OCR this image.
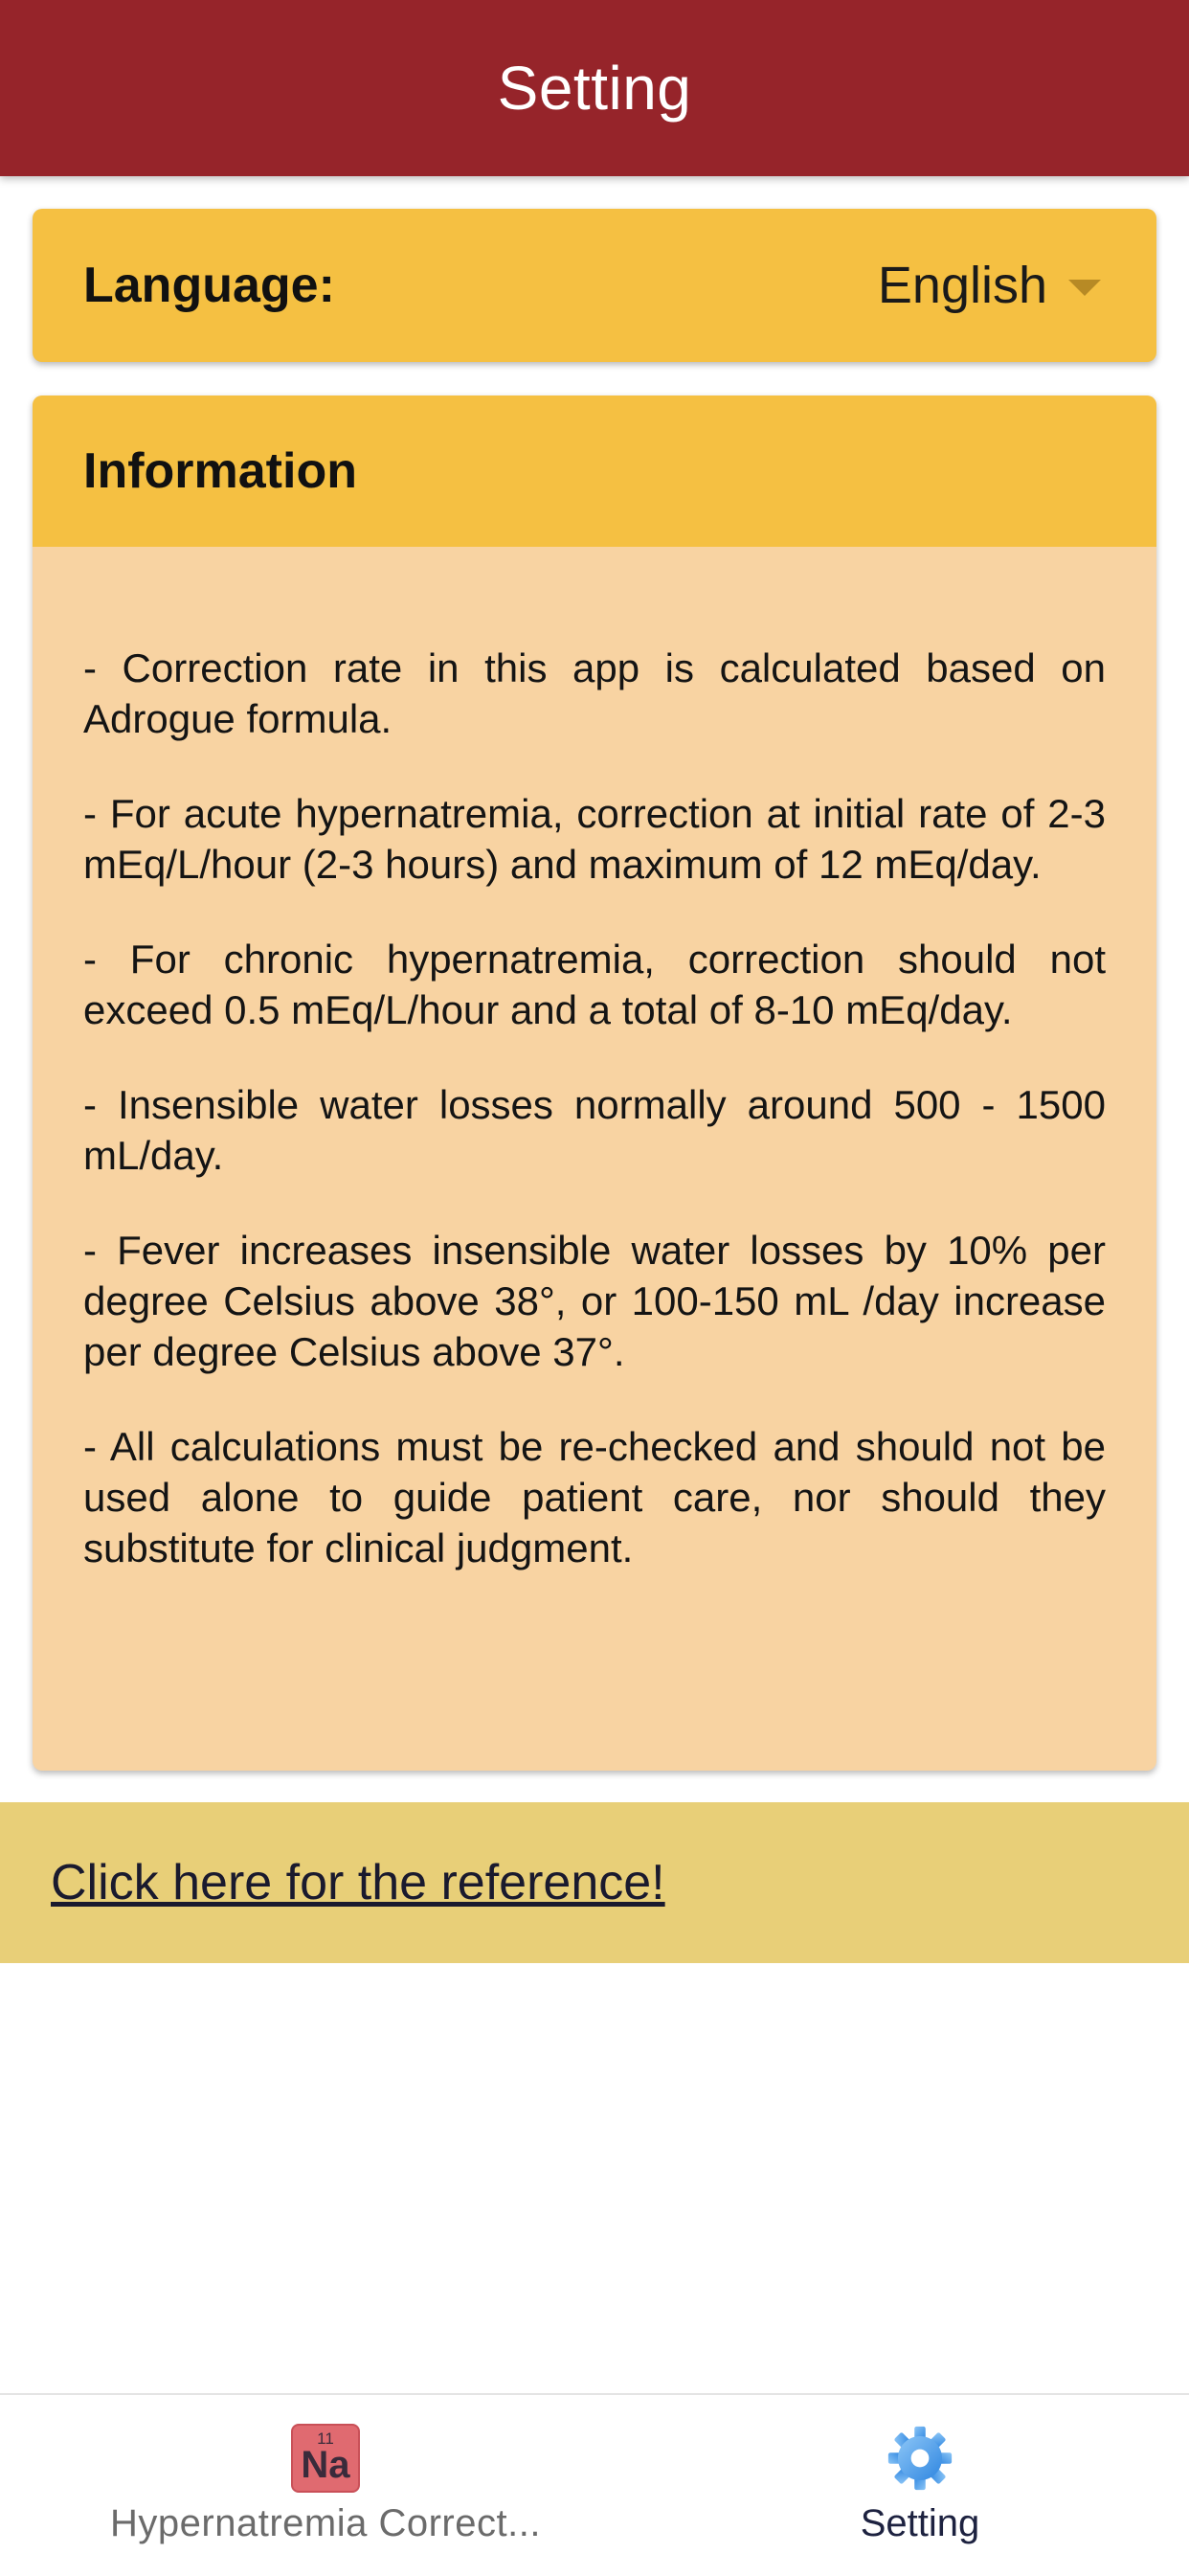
Setting
Language:	English
Information

- Correction rate in this app is calculated based on Adrogue formula.

- For acute hypernatremia, correction at initial rate of 2-3 mEq/L/hour (2-3 hours) and maximum of 12 mEq/day.

- For chronic hypernatremia, correction should not exceed 0.5 mEq/L/hour and a total of 8-10 mEq/day.

- Insensible water losses normally around 500 - 1500 mL/day.

- Fever increases insensible water losses by 10% per degree Celsius above 38°, or 100-150 mL /day increase per degree Celsius above 37°.

- All calculations must be re-checked and should not be used alone to guide patient care, nor should they substitute for clinical judgment.

Click here for the reference!
11
Na
Hypernatremia Correct...	Setting
